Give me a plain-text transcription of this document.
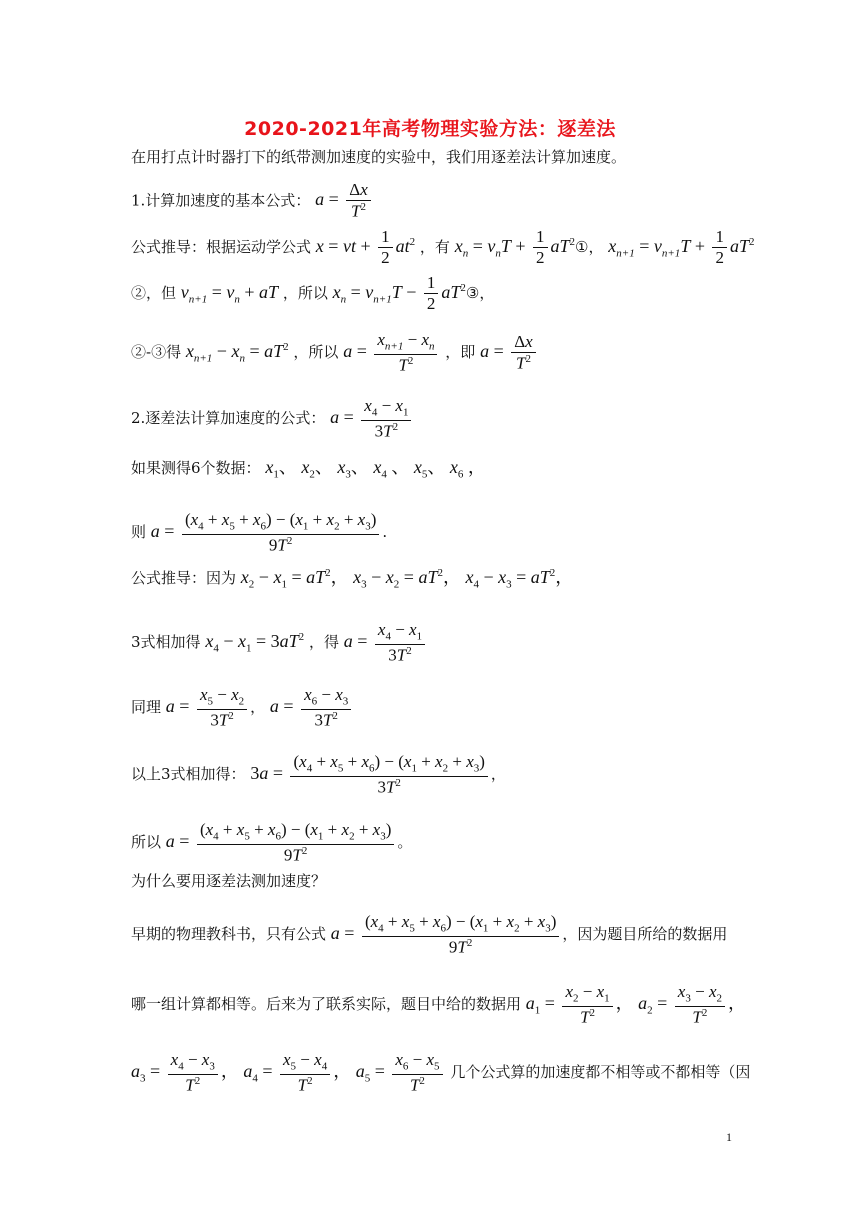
2020-2021年高考物理实验方法：逐差法
在用打点计时器打下的纸带测加速度的实验中，我们用逐差法计算加速度。
1.计算加速度的基本公式： $a = \frac{\Delta x}{T^2}$
公式推导：根据运动学公式 x = vt + $\frac{1}{2} at^2$ ，有 $x_n = v_nT + \frac{1}{2}$ $aT^2①$， $x_{n+1} = v_{n+1}T + \frac{1}{2} aT^2$
②，但 $v_{n+1} = v_n$ + aT ，所以 $x_n = v_{n+1}T - \frac{1}{2}$ $aT^2③$，
②-③得 $x_{n+1} - x_n = aT^2$ ，所以 $a = \frac{x_{n+1} - x_n}{T^2}$ ，即 $a = \frac{\Delta x}{T^2}$
2.逐差法计算加速度的公式： $a = \frac{x_4 - x_1}{3T^2}$
如果测得6个数据： $x_1$、 $x_2$、 $x_3$、 $x_4$ 、 $x_5$、 $x_6$ ，
则 $a = \frac{(x_4 + x_5 + x_6) - (x_1 + x_2 + x_3)}{9T^2}$ .
公式推导：因为 $x_2 - x_1 = aT^2$， $x_3 - x_2 = aT^2$， $x_4 - x_3 = aT^2$，
3式相加得 $x_4 - x_1 = 3aT^2$ ，得 $a = \frac{x_4 - x_1}{3T^2}$
同理 $a = \frac{x_5 - x_2}{3T^2}$ ， $a = \frac{x_6 - x_3}{3T^2}$
以上3式相加得： $3a = \frac{(x_4 + x_5 + x_6) - (x_1 + x_2 + x_3)}{3T^2}$ ，
所以 $a = \frac{(x_4 + x_5 + x_6) - (x_1 + x_2 + x_3)}{9T^2}$ 。
为什么要用逐差法测加速度？
早期的物理教科书，只有公式 $a = \frac{(x_4 + x_5 + x_6) - (x_1 + x_2 + x_3)}{9T^2}$ ，因为题目所给的数据用
哪一组计算都相等。后来为了联系实际，题目中给的数据用 $a_1 = \frac{x_2 - x_1}{T^2}$ ， $a_2 = \frac{x_3 - x_2}{T^2}$ ，
$a_3 = \frac{x_4 - x_3}{T^2}$ ， $a_4 = \frac{x_5 - x_4}{T^2}$ ， $a_5 = \frac{x_6 - x_5}{T^2}$ 几个公式算的加速度都不相等或不都相等（因
1
